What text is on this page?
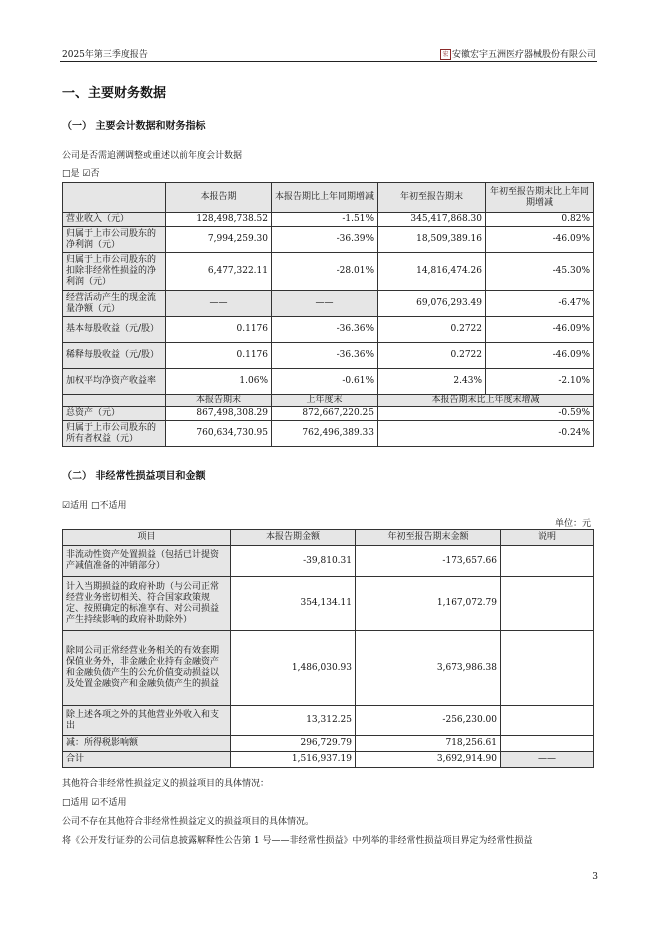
2025年第三季度报告	宏 安徽宏宇五洲医疗器械股份有限公司
一、主要财务数据
（一） 主要会计数据和财务指标
公司是否需追溯调整或重述以前年度会计数据
□是 ☑否
	本报告期	本报告期比上年同期增减	年初至报告期末	年初至报告期末比上年同期增减
营业收入（元）	128,498,738.52	-1.51%	345,417,868.30	0.82%
归属于上市公司股东的净利润（元）	7,994,259.30	-36.39%	18,509,389.16	-46.09%
归属于上市公司股东的扣除非经常性损益的净利润（元）	6,477,322.11	-28.01%	14,816,474.26	-45.30%
经营活动产生的现金流量净额（元）	——	——	69,076,293.49	-6.47%
基本每股收益（元/股）	0.1176	-36.36%	0.2722	-46.09%
稀释每股收益（元/股）	0.1176	-36.36%	0.2722	-46.09%
加权平均净资产收益率	1.06%	-0.61%	2.43%	-2.10%
	本报告期末	上年度末	本报告期末比上年度末增减	
总资产（元）	867,498,308.29	872,667,220.25	-0.59%	
归属于上市公司股东的所有者权益（元）	760,634,730.95	762,496,389.33	-0.24%	
（二） 非经常性损益项目和金额
☑适用 □不适用
单位：元
项目	本报告期金额	年初至报告期末金额	说明
非流动性资产处置损益（包括已计提资产减值准备的冲销部分）	-39,810.31	-173,657.66	
计入当期损益的政府补助（与公司正常经营业务密切相关、符合国家政策规定、按照确定的标准享有、对公司损益产生持续影响的政府补助除外）	354,134.11	1,167,072.79	
除同公司正常经营业务相关的有效套期保值业务外，非金融企业持有金融资产和金融负债产生的公允价值变动损益以及处置金融资产和金融负债产生的损益	1,486,030.93	3,673,986.38	
除上述各项之外的其他营业外收入和支出	13,312.25	-256,230.00	
减：所得税影响额	296,729.79	718,256.61	
合计	1,516,937.19	3,692,914.90	——
其他符合非经常性损益定义的损益项目的具体情况：
□适用 ☑不适用
公司不存在其他符合非经常性损益定义的损益项目的具体情况。
将《公开发行证券的公司信息披露解释性公告第 1 号——非经常性损益》中列举的非经常性损益项目界定为经常性损益
3
